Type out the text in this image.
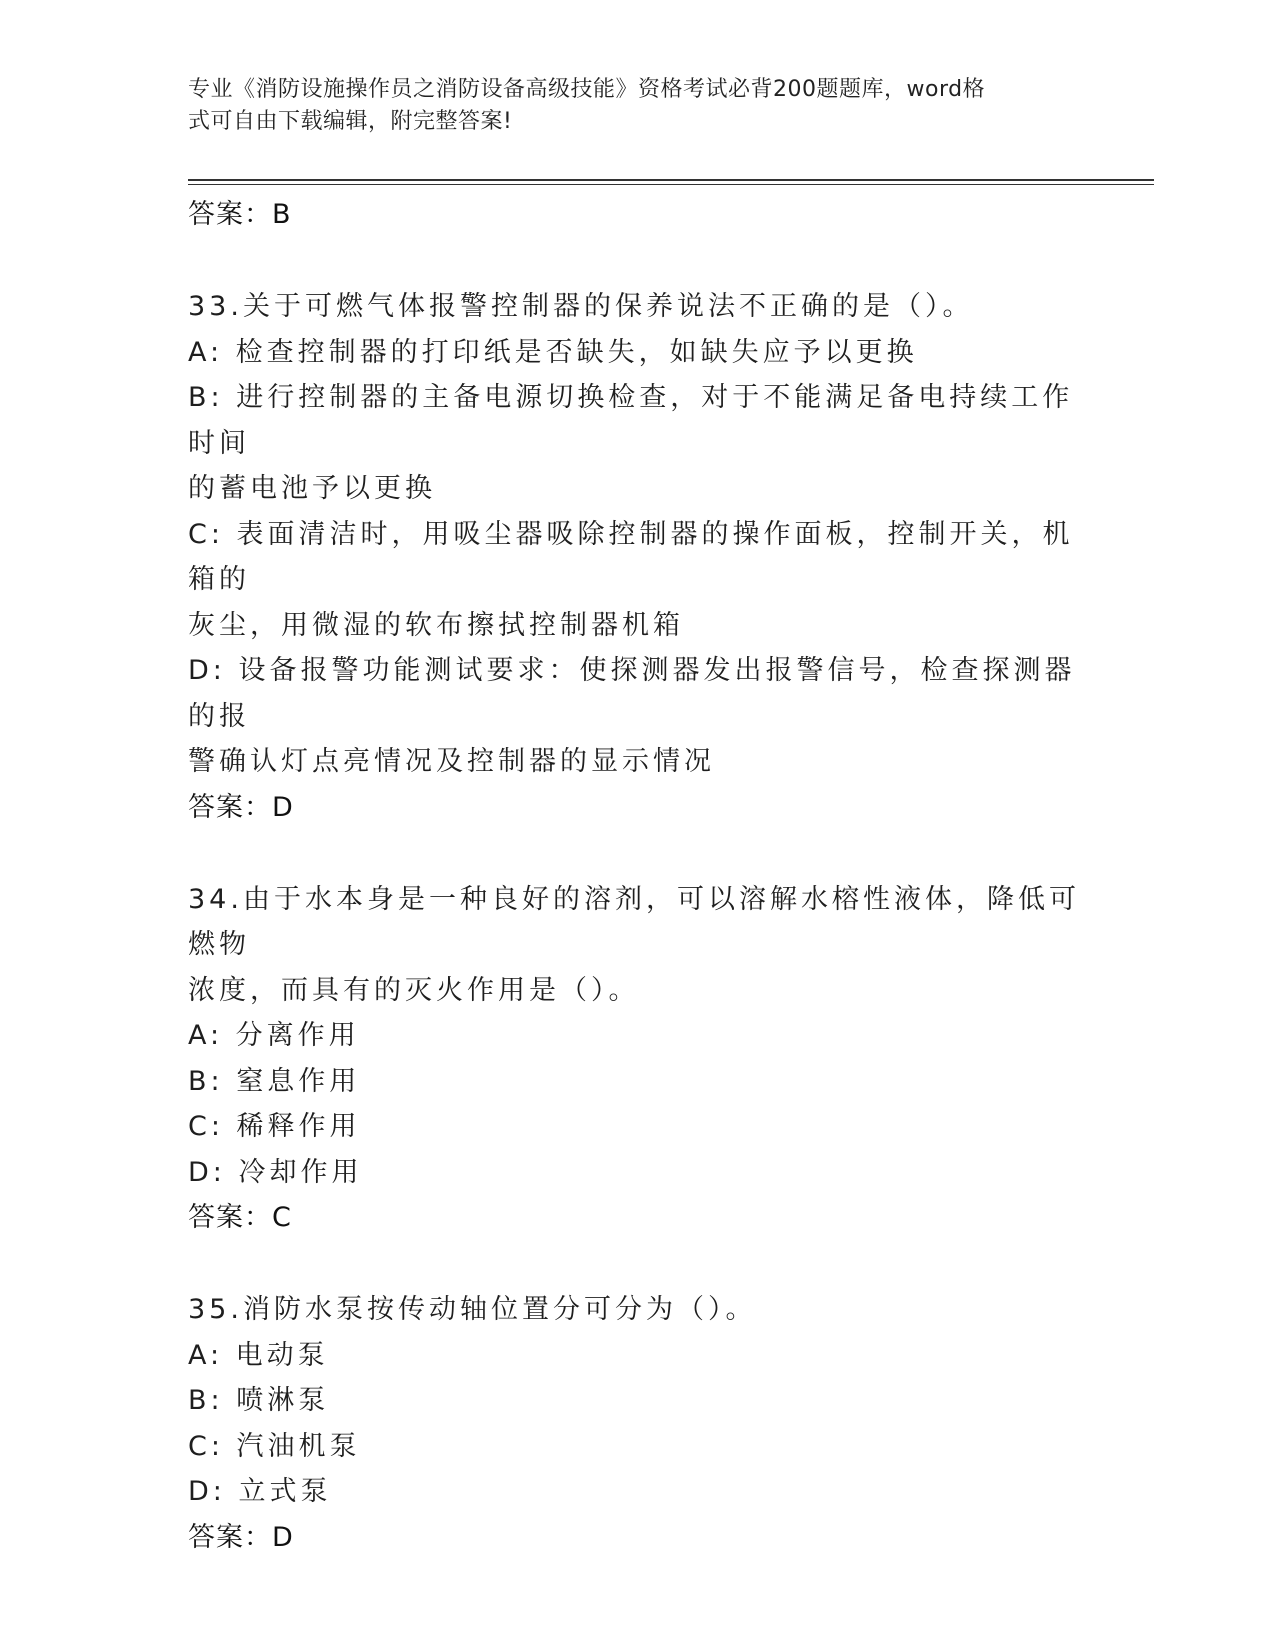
专业《消防设施操作员之消防设备高级技能》资格考试必背200题题库，word格
式可自由下载编辑，附完整答案!
答案：B
33.关于可燃气体报警控制器的保养说法不正确的是（）。
A: 检查控制器的打印纸是否缺失，如缺失应予以更换
B: 进行控制器的主备电源切换检查，对于不能满足备电持续工作时间
的蓄电池予以更换
C: 表面清洁时，用吸尘器吸除控制器的操作面板，控制开关，机箱的
灰尘，用微湿的软布擦拭控制器机箱
D: 设备报警功能测试要求：使探测器发出报警信号，检查探测器的报
警确认灯点亮情况及控制器的显示情况
答案：D
34.由于水本身是一种良好的溶剂，可以溶解水榕性液体，降低可燃物
浓度，而具有的灭火作用是（）。
A: 分离作用
B: 窒息作用
C: 稀释作用
D: 冷却作用
答案：C
35.消防水泵按传动轴位置分可分为（）。
A: 电动泵
B: 喷淋泵
C: 汽油机泵
D: 立式泵
答案：D
